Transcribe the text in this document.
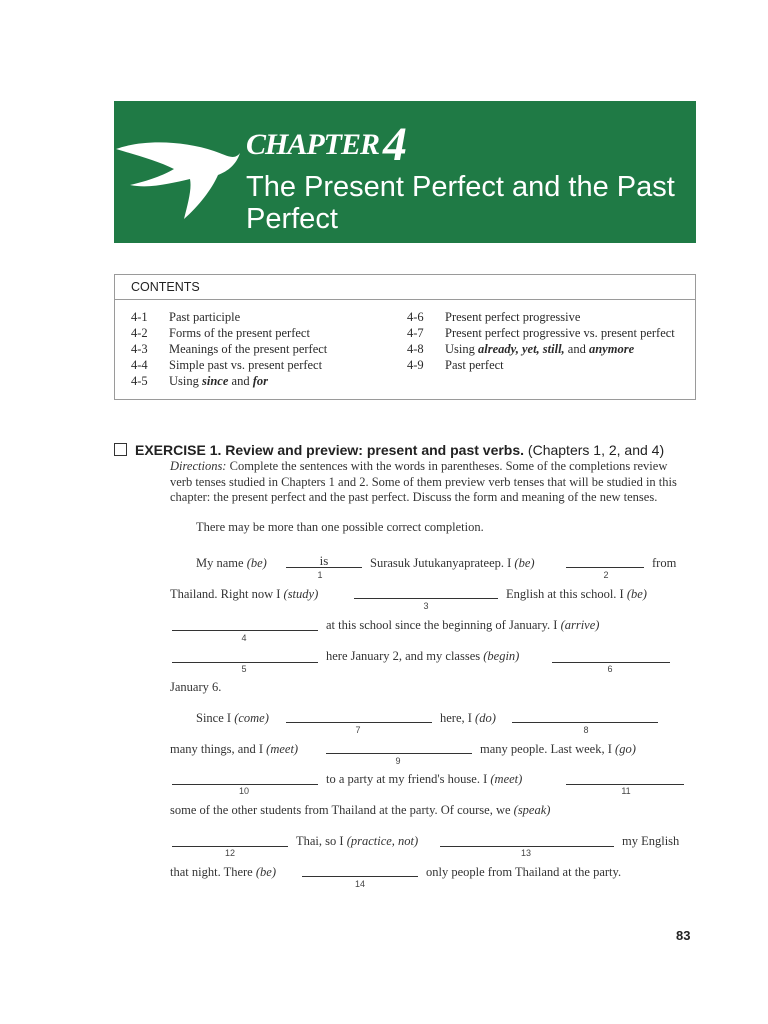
CHAPTER4
The Present Perfect and the Past Perfect
CONTENTS
4-1	Past participle
4-2	Forms of the present perfect
4-3	Meanings of the present perfect
4-4	Simple past vs. present perfect
4-5	Using since and for
4-6	Present perfect progressive
4-7	Present perfect progressive vs. present perfect
4-8	Using already, yet, still, and anymore
4-9	Past perfect
EXERCISE 1. Review and preview: present and past verbs. (Chapters 1, 2, and 4)
Directions: Complete the sentences with the words in parentheses. Some of the completions review verb tenses studied in Chapters 1 and 2. Some of them preview verb tenses that will be studied in this chapter: the present perfect and the past perfect. Discuss the form and meaning of the new tenses.
There may be more than one possible correct completion.
My name (be)	is
1
Surasuk Jutukanyaprateep. I (be)
2
from
Thailand. Right now I (study)
3
English at this school. I (be)
4
at this school since the beginning of January. I (arrive)
5
here January 2, and my classes (begin)
6
January 6.
Since I (come)
7
here, I (do)
8
many things, and I (meet)
9
many people. Last week, I (go)
10
to a party at my friend's house. I (meet)
11
some of the other students from Thailand at the party. Of course, we (speak)
12
Thai, so I (practice, not)
13
my English
that night. There (be)
14
only people from Thailand at the party.
83
